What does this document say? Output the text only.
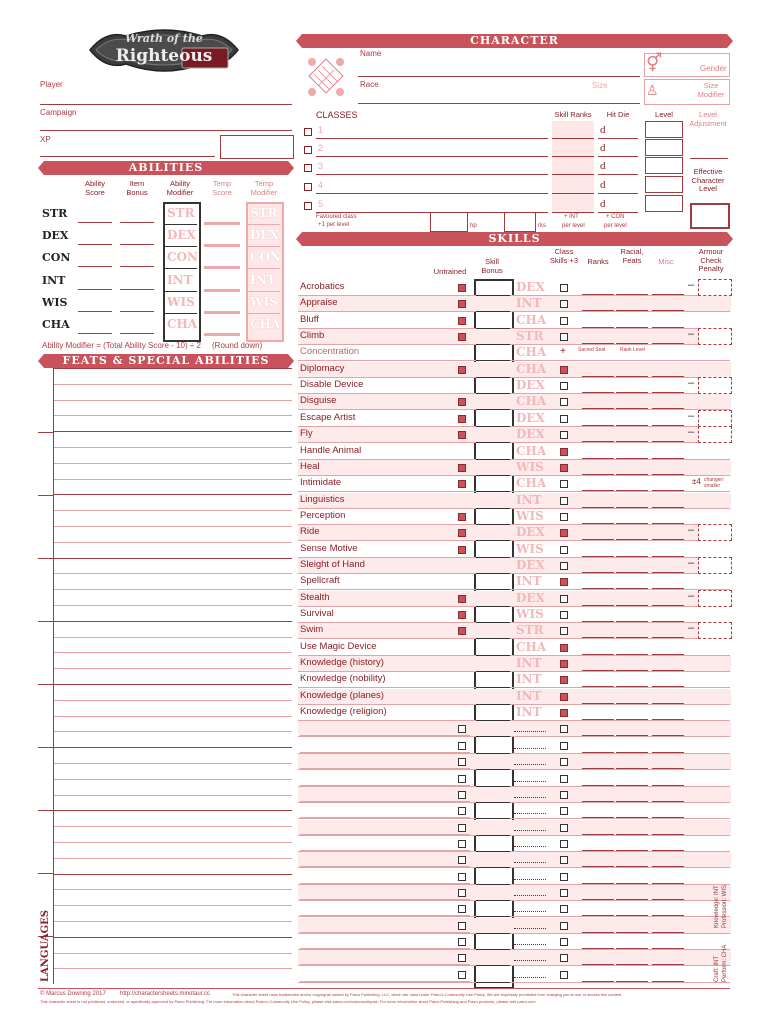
Wrath of the
Righteous
Player
Campaign
XP
CHARACTER
Name
Race	Size
⚥	Gender
♙	Size Modifier
CLASSES	Skill Ranks	Hit Die	Level	Level Adjustment
Effective Character Level
1	d
2	d
3	d
4	d
5	d
Favoured class
+1 per level	hp	rks
+ INT
per level
+ CON
per level
ABILITIES
Ability Score
Item Bonus
Ability Modifier
Temp Score
Temp Modifier
STR	STR	STR
DEX	DEX	DEX
CON	CON	CON
INT	INT	INT
WIS	WIS	WIS
CHA	CHA	CHA
Ability Modifier = (Total Ability Score - 10) ÷ 2     (Round down)
FEATS & SPECIAL ABILITIES
LANGUAGES
SKILLS
Untrained
Skill Bonus
Class Skills +3	Ranks
Racial, Feats	Misc
Armour Check Penalty
Acrobatics	DEX	–
Appraise	INT
Bluff	CHA
Climb	STR	–
Concentration	CHA + Sacred Seal	Rank Level
Diplomacy	CHA
Disable Device	DEX	–
Disguise	CHA
Escape Artist	DEX	–
Fly	DEX	–
Handle Animal	CHA
Heal	WIS
Intimidate	CHA	±4 changer/ smaller
Linguistics	INT
Perception	WIS
Ride	DEX	–
Sense Motive	WIS
Sleight of Hand	DEX	–
Spellcraft	INT
Stealth	DEX	–
Survival	WIS
Swim	STR	–
Use Magic Device	CHA
Knowledge (history)	INT
Knowledge (nobility)	INT
Knowledge (planes)	INT
Knowledge (religion)	INT
Knowledge: INT Profession: WIS
Craft: INT Perform: CHA
© Marcus Downing 2017 http://charactersheets.minotaur.cc	This character sheet uses trademarks and/or copyrights owned by Paizo Publishing, LLC, which are used under Paizo's Community Use Policy. We are expressly prohibited from charging you to use or access this content.
This character sheet is not published, endorsed, or specifically approved by Paizo Publishing. For more information about Paizo's Community Use Policy, please visit paizo.com/communityuse. For more information about Paizo Publishing and Paizo products, please visit paizo.com.
